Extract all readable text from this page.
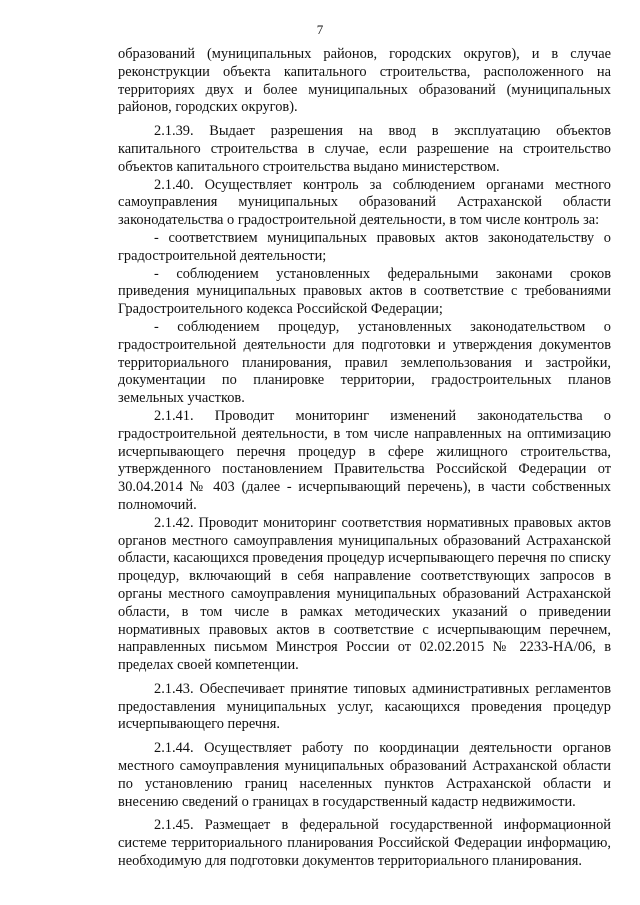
7

образований (муниципальных районов, городских округов), и в случае реконструкции объекта капитального строительства, расположенного на территориях двух и более муниципальных образований (муниципальных районов, городских округов).

2.1.39. Выдает разрешения на ввод в эксплуатацию объектов капитального строительства в случае, если разрешение на строительство объектов капитального строительства выдано министерством.

2.1.40. Осуществляет контроль за соблюдением органами местного самоуправления муниципальных образований Астраханской области законодательства о градостроительной деятельности, в том числе контроль за:

- соответствием муниципальных правовых актов законодательству о градостроительной деятельности;

- соблюдением установленных федеральными законами сроков приведения муниципальных правовых актов в соответствие с требованиями Градостроительного кодекса Российской Федерации;

- соблюдением процедур, установленных законодательством о градостроительной деятельности для подготовки и утверждения документов территориального планирования, правил землепользования и застройки, документации по планировке территории, градостроительных планов земельных участков.

2.1.41. Проводит мониторинг изменений законодательства о градостроительной деятельности, в том числе направленных на оптимизацию исчерпывающего перечня процедур в сфере жилищного строительства, утвержденного постановлением Правительства Российской Федерации от 30.04.2014 № 403 (далее - исчерпывающий перечень), в части собственных полномочий.

2.1.42. Проводит мониторинг соответствия нормативных правовых актов органов местного самоуправления муниципальных образований Астраханской области, касающихся проведения процедур исчерпывающего перечня по списку процедур, включающий в себя направление соответствующих запросов в органы местного самоуправления муниципальных образований Астраханской области, в том числе в рамках методических указаний о приведении нормативных правовых актов в соответствие с исчерпывающим перечнем, направленных письмом Минстроя России от 02.02.2015 № 2233-НА/06, в пределах своей компетенции.

2.1.43. Обеспечивает принятие типовых административных регламентов предоставления муниципальных услуг, касающихся проведения процедур исчерпывающего перечня.

2.1.44. Осуществляет работу по координации деятельности органов местного самоуправления муниципальных образований Астраханской области по установлению границ населенных пунктов Астраханской области и внесению сведений о границах в государственный кадастр недвижимости.

2.1.45. Размещает в федеральной государственной информационной системе территориального планирования Российской Федерации информацию, необходимую для подготовки документов территориального планирования.
